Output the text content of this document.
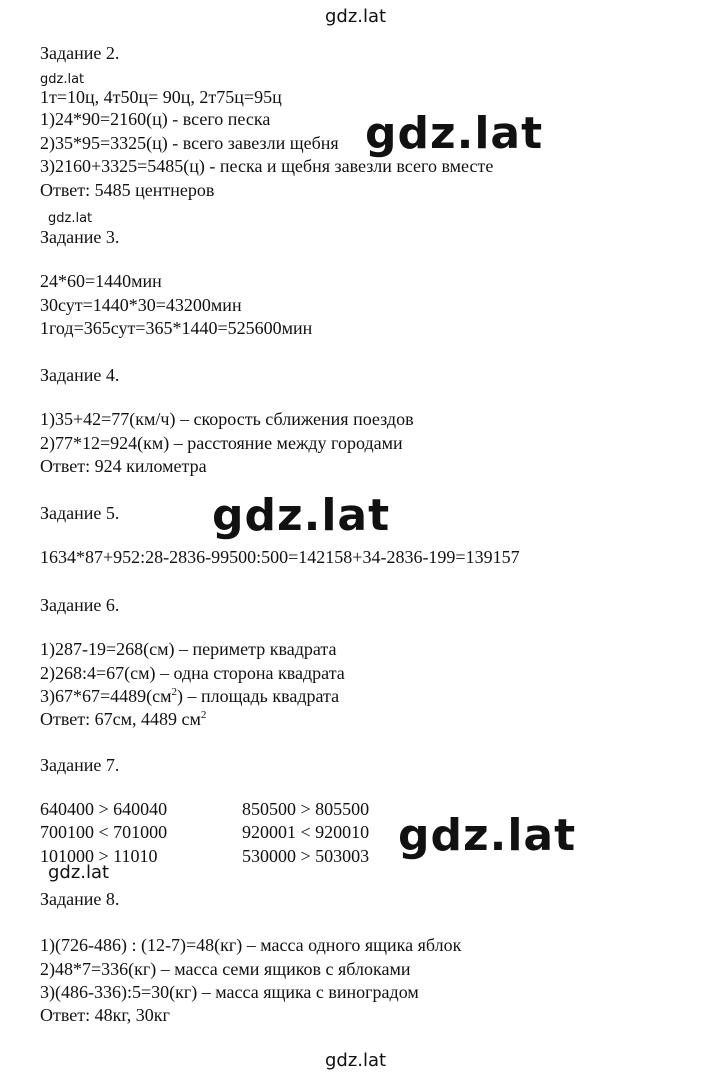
gdz.lat
gdz.lat
gdz.lat
gdz.lat
gdz.lat
Задание 2.
1т=10ц, 4т50ц= 90ц, 2т75ц=95ц
1)24*90=2160(ц) - всего песка
2)35*95=3325(ц) - всего завезли щебня
3)2160+3325=5485(ц) - песка и щебня завезли всего вместе
Ответ: 5485 центнеров
gdz.lat
Задание 3.
24*60=1440мин
30сут=1440*30=43200мин
1год=365сут=365*1440=525600мин
Задание 4.
1)35+42=77(км/ч) – скорость сближения поездов
2)77*12=924(км) – расстояние между городами
Ответ: 924 километра
Задание 5. gdz.lat
1634*87+952:28-2836-99500:500=142158+34-2836-199=139157
Задание 6.
1)287-19=268(см) – периметр квадрата
2)268:4=67(см) – одна сторона квадрата
$3)67*67=4489(см^2)$ – площадь квадрата
Ответ: 67см, 4489 $см^2$
Задание 7.
640400 > 640040
700100 < 701000
101000 > 11010
850500 > 805500
920001 < 920010
530000 > 503003 gdz.lat
Задание 8.
1)(726-486) : (12-7)=48(кг) – масса одного ящика яблок
2)48*7=336(кг) – масса семи ящиков с яблоками
3)(486-336):5=30(кг) – масса ящика с виноградом
Ответ: 48кг, 30кг
